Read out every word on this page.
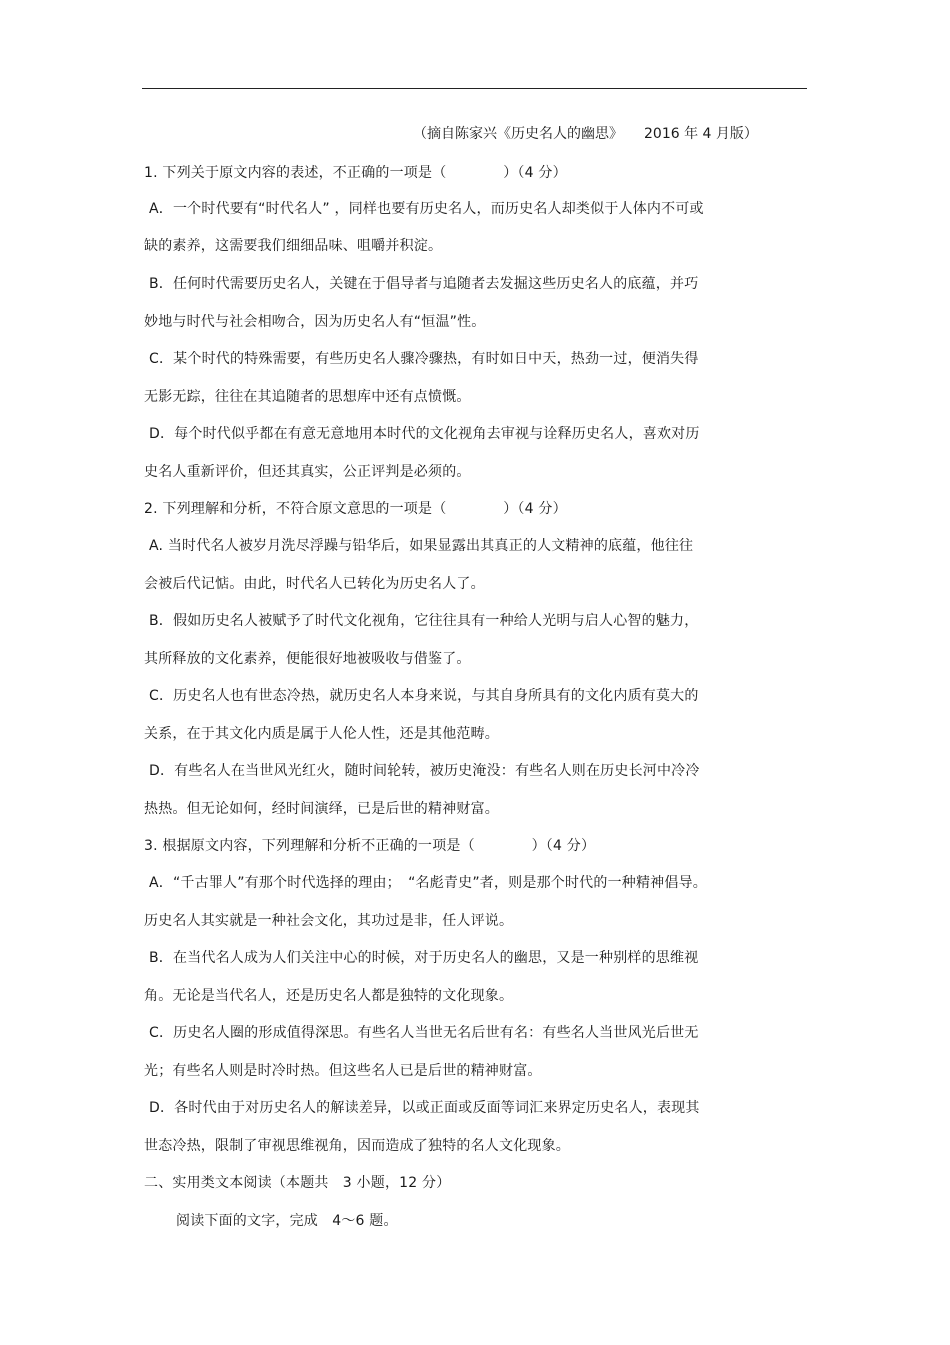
（摘自陈家兴《历史名人的幽思》　　2016 年 4 月版）
1. 下列关于原文内容的表述，不正确的一项是（　　　　）（4 分）
A．一个时代要有“时代名人” ，同样也要有历史名人，而历史名人却类似于人体内不可或
缺的素养，这需要我们细细品味、咀嚼并积淀。
B．任何时代需要历史名人，关键在于倡导者与追随者去发掘这些历史名人的底蕴，并巧
妙地与时代与社会相吻合，因为历史名人有“恒温”性。
C．某个时代的特殊需要，有些历史名人骤冷骤热，有时如日中天，热劲一过，便消失得
无影无踪，往往在其追随者的思想库中还有点愤慨。
D．每个时代似乎都在有意无意地用本时代的文化视角去审视与诠释历史名人，喜欢对历
史名人重新评价，但还其真实，公正评判是必须的。
2. 下列理解和分析，不符合原文意思的一项是（　　　　）（4 分）
A. 当时代名人被岁月洗尽浮躁与铅华后，如果显露出其真正的人文精神的底蕴，他往往
会被后代记惦。由此，时代名人已转化为历史名人了。
B．假如历史名人被赋予了时代文化视角，它往往具有一种给人光明与启人心智的魅力，
其所释放的文化素养，便能很好地被吸收与借鉴了。
C．历史名人也有世态冷热，就历史名人本身来说，与其自身所具有的文化内质有莫大的
关系，在于其文化内质是属于人伦人性，还是其他范畴。
D．有些名人在当世风光红火，随时间轮转，被历史淹没：有些名人则在历史长河中冷冷
热热。但无论如何，经时间演绎，已是后世的精神财富。
3. 根据原文内容，下列理解和分析不正确的一项是（　　　　）（4 分）
A．“千古罪人”有那个时代选择的理由；　“名彪青史”者，则是那个时代的一种精神倡导。
历史名人其实就是一种社会文化，其功过是非，任人评说。
B．在当代名人成为人们关注中心的时候，对于历史名人的幽思，又是一种别样的思维视
角。无论是当代名人，还是历史名人都是独特的文化现象。
C．历史名人圈的形成值得深思。有些名人当世无名后世有名：有些名人当世风光后世无
光；有些名人则是时冷时热。但这些名人已是后世的精神财富。
D．各时代由于对历史名人的解读差异，以或正面或反面等词汇来界定历史名人，表现其
世态冷热，限制了审视思维视角，因而造成了独特的名人文化现象。
二、实用类文本阅读（本题共　3 小题，12 分）
阅读下面的文字，完成　4～6 题。
